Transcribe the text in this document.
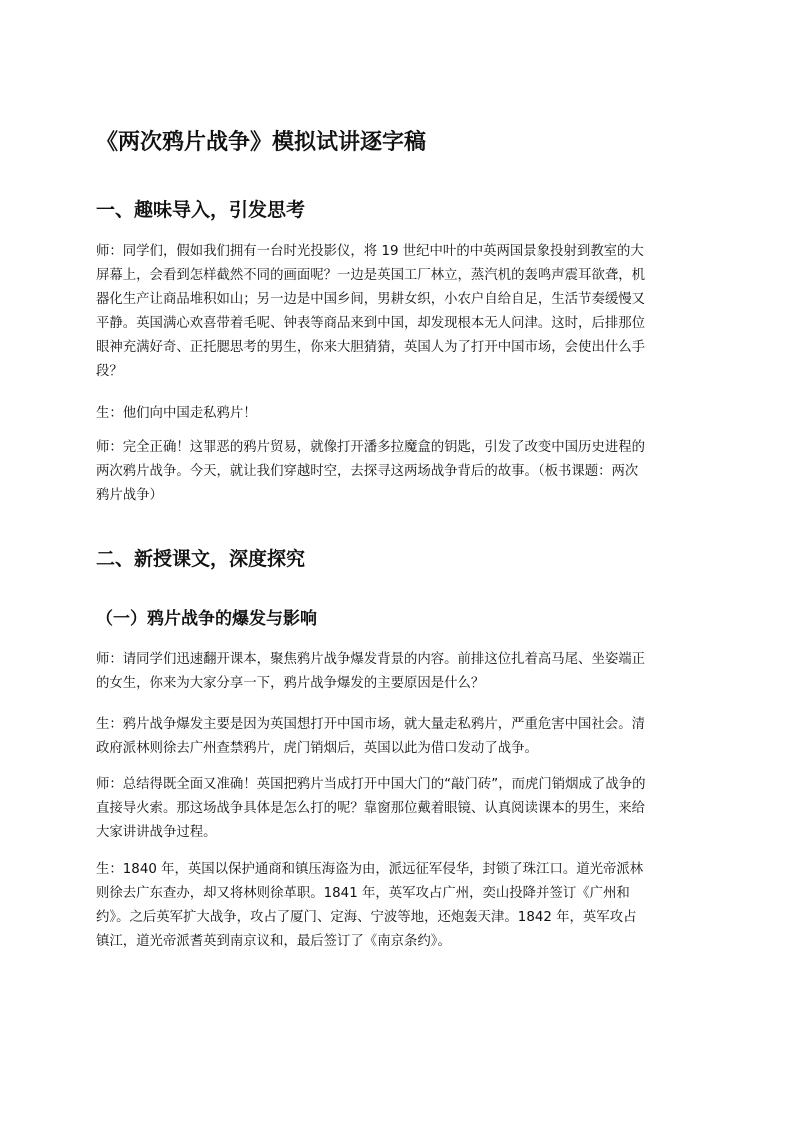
《两次鸦片战争》模拟试讲逐字稿
一、趣味导入，引发思考
师：同学们，假如我们拥有一台时光投影仪，将 19 世纪中叶的中英两国景象投射到教室的大
屏幕上，会看到怎样截然不同的画面呢？一边是英国工厂林立，蒸汽机的轰鸣声震耳欲聋，机
器化生产让商品堆积如山；另一边是中国乡间，男耕女织，小农户自给自足，生活节奏缓慢又
平静。英国满心欢喜带着毛呢、钟表等商品来到中国，却发现根本无人问津。这时，后排那位
眼神充满好奇、正托腮思考的男生，你来大胆猜猜，英国人为了打开中国市场，会使出什么手
段？
生：他们向中国走私鸦片！
师：完全正确！这罪恶的鸦片贸易，就像打开潘多拉魔盒的钥匙，引发了改变中国历史进程的
两次鸦片战争。今天，就让我们穿越时空，去探寻这两场战争背后的故事。（板书课题：两次
鸦片战争）
二、新授课文，深度探究
（一）鸦片战争的爆发与影响
师：请同学们迅速翻开课本，聚焦鸦片战争爆发背景的内容。前排这位扎着高马尾、坐姿端正
的女生，你来为大家分享一下，鸦片战争爆发的主要原因是什么？
生：鸦片战争爆发主要是因为英国想打开中国市场，就大量走私鸦片，严重危害中国社会。清
政府派林则徐去广州查禁鸦片，虎门销烟后，英国以此为借口发动了战争。
师：总结得既全面又准确！英国把鸦片当成打开中国大门的“敲门砖”，而虎门销烟成了战争的
直接导火索。那这场战争具体是怎么打的呢？靠窗那位戴着眼镜、认真阅读课本的男生，来给
大家讲讲战争过程。
生：1840 年，英国以保护通商和镇压海盗为由，派远征军侵华，封锁了珠江口。道光帝派林
则徐去广东查办，却又将林则徐革职。1841 年，英军攻占广州，奕山投降并签订《广州和
约》。之后英军扩大战争，攻占了厦门、定海、宁波等地，还炮轰天津。1842 年，英军攻占
镇江，道光帝派耆英到南京议和，最后签订了《南京条约》。
